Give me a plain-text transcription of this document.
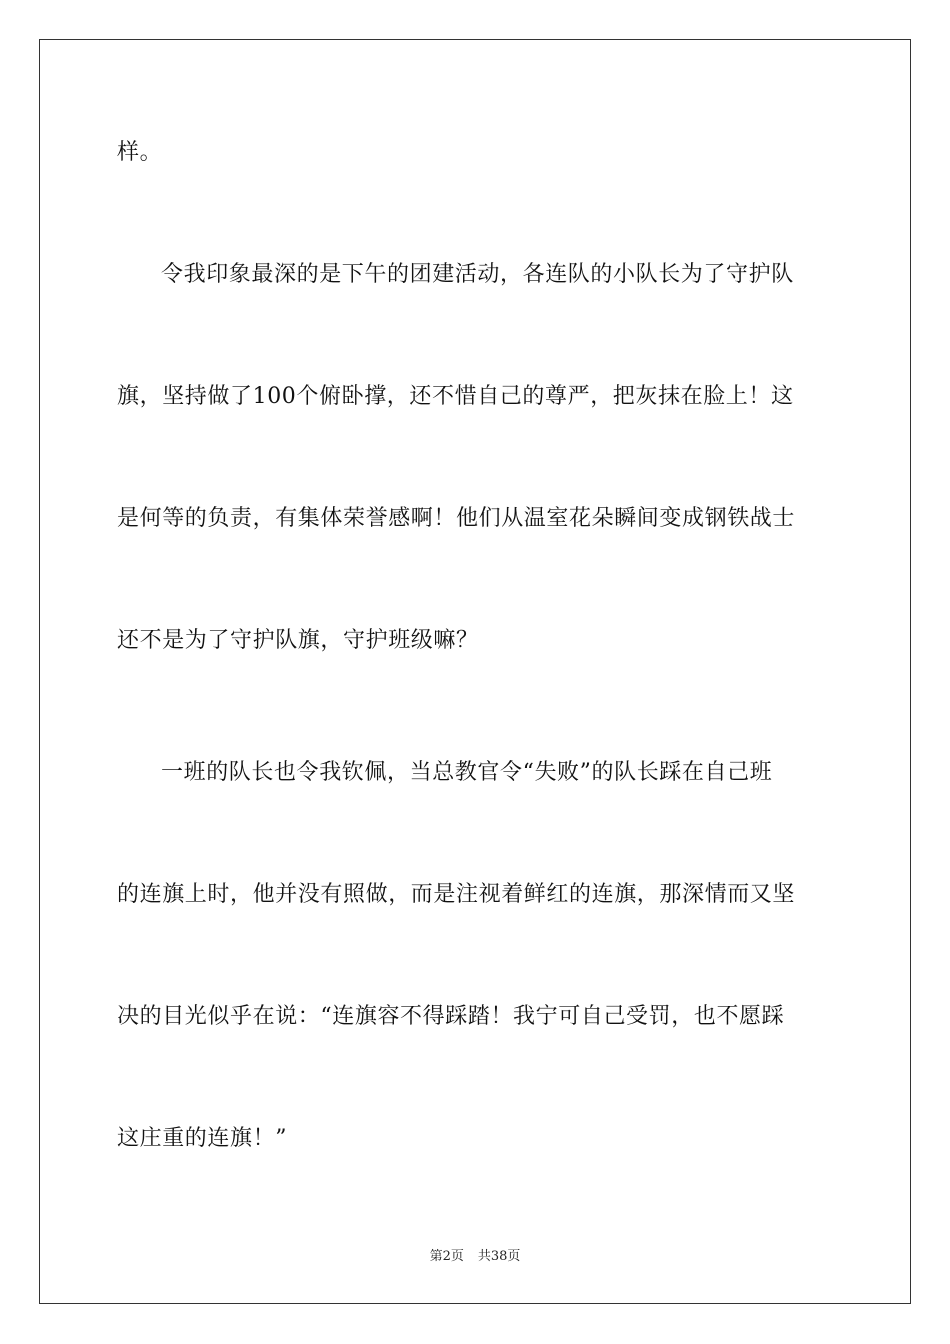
样。
令我印象最深的是下午的团建活动，各连队的小队长为了守护队
旗，坚持做了100个俯卧撑，还不惜自己的尊严，把灰抹在脸上！这
是何等的负责，有集体荣誉感啊！他们从温室花朵瞬间变成钢铁战士
还不是为了守护队旗，守护班级嘛？
一班的队长也令我钦佩，当总教官令“失败”的队长踩在自己班
的连旗上时，他并没有照做，而是注视着鲜红的连旗，那深情而又坚
决的目光似乎在说：“连旗容不得踩踏！我宁可自己受罚，也不愿踩
这庄重的连旗！”
第2页 共38页
